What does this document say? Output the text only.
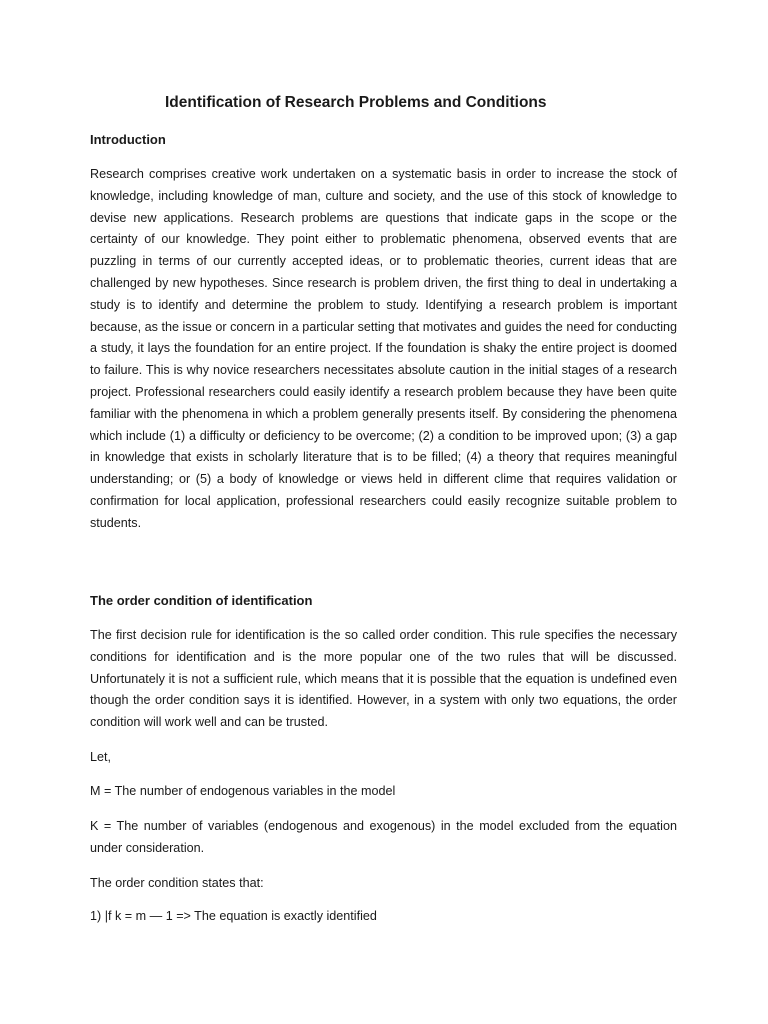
Identification of Research Problems and Conditions
Introduction

Research comprises creative work undertaken on a systematic basis in order to increase the stock of knowledge, including knowledge of man, culture and society, and the use of this stock of knowledge to devise new applications. Research problems are questions that indicate gaps in the scope or the certainty of our knowledge. They point either to problematic phenomena, observed events that are puzzling in terms of our currently accepted ideas, or to problematic theories, current ideas that are challenged by new hypotheses. Since research is problem driven, the first thing to deal in undertaking a study is to identify and determine the problem to study. Identifying a research problem is important because, as the issue or concern in a particular setting that motivates and guides the need for conducting a study, it lays the foundation for an entire project. If the foundation is shaky the entire project is doomed to failure. This is why novice researchers necessitates absolute caution in the initial stages of a research project. Professional researchers could easily identify a research problem because they have been quite familiar with the phenomena in which a problem generally presents itself. By considering the phenomena which include (1) a difficulty or deficiency to be overcome; (2) a condition to be improved upon; (3) a gap in knowledge that exists in scholarly literature that is to be filled; (4) a theory that requires meaningful understanding; or (5) a body of knowledge or views held in different clime that requires validation or confirmation for local application, professional researchers could easily recognize suitable problem to students.

The order condition of identification

The first decision rule for identification is the so called order condition. This rule specifies the necessary conditions for identification and is the more popular one of the two rules that will be discussed. Unfortunately it is not a sufficient rule, which means that it is possible that the equation is undefined even though the order condition says it is identified. However, in a system with only two equations, the order condition will work well and can be trusted.

Let,
M = The number of endogenous variables in the model

K = The number of variables (endogenous and exogenous) in the model excluded from the equation under consideration.

The order condition states that:
1) |f k = m — 1 => The equation is exactly identified
